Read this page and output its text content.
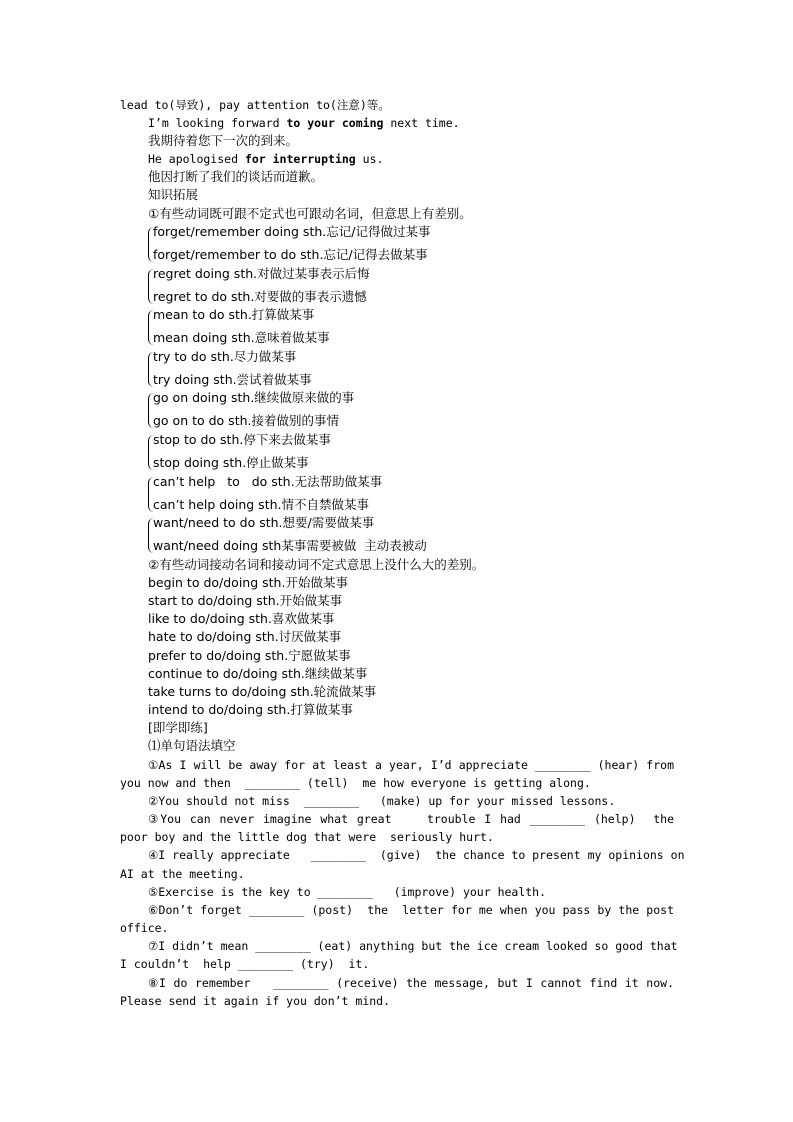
lead to(导致), pay attention to(注意)等。
I’m looking forward to your coming next time.
我期待着您下一次的到来。
He apologised for interrupting us.
他因打断了我们的谈话而道歉。
知识拓展
①有些动词既可跟不定式也可跟动名词，但意思上有差别。
forget/remember doing sth.忘记/记得做过某事
forget/remember to do sth.忘记/记得去做某事
regret doing sth.对做过某事表示后悔
regret to do sth.对要做的事表示遗憾
mean to do sth.打算做某事
mean doing sth.意味着做某事
try to do sth.尽力做某事
try doing sth.尝试着做某事
go on doing sth.继续做原来做的事
go on to do sth.接着做别的事情
stop to do sth.停下来去做某事
stop doing sth.停止做某事
can’t help   to   do sth.无法帮助做某事
can’t help doing sth.情不自禁做某事
want/need to do sth.想要/需要做某事
want/need doing sth某事需要被做  主动表被动
②有些动词接动名词和接动词不定式意思上没什么大的差别。
begin to do/doing sth.开始做某事
start to do/doing sth.开始做某事
like to do/doing sth.喜欢做某事
hate to do/doing sth.讨厌做某事
prefer to do/doing sth.宁愿做某事
continue to do/doing sth.继续做某事
take turns to do/doing sth.轮流做某事
intend to do/doing sth.打算做某事
[即学即练]
⑴单句语法填空
①As I will be away for at least a year, I’d appreciate ________ (hear) from
you now and then  ________ (tell)  me how everyone is getting along.
②You should not miss  ________   (make) up for your missed lessons.
③You can never imagine what great    trouble I had ________ (help)  the
poor boy and the little dog that were  seriously hurt.
④I really appreciate   ________  (give)  the chance to present my opinions on
AI at the meeting.
⑤Exercise is the key to ________   (improve) your health.
⑥Don’t forget ________ (post)  the  letter for me when you pass by the post
office.
⑦I didn’t mean ________ (eat) anything but the ice cream looked so good that
I couldn’t  help ________ (try)  it.
⑧I do remember   ________ (receive) the message, but I cannot find it now.
Please send it again if you don’t mind.
